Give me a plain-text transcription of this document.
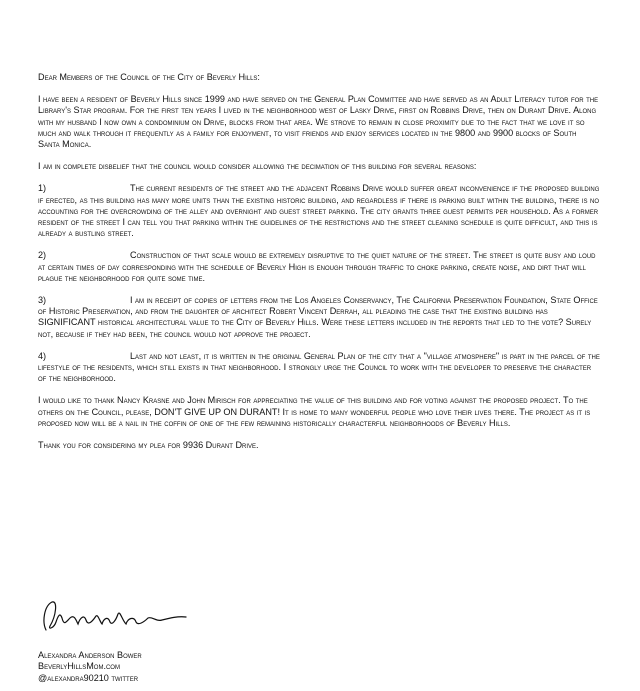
Dear Members of the Council of the City of Beverly Hills:

I have been a resident of Beverly Hills since 1999 and have served on the General Plan Committee and have served as an Adult Literacy tutor for the Library's Star program. For the first ten years I lived in the neighborhood west of Lasky Drive, first on Robbins Drive, then on Durant Drive. Along with my husband I now own a condominium on Drive, blocks from that area. We strove to remain in close proximity due to the fact that we love it so much and walk through it frequently as a family for enjoyment, to visit friends and enjoy services located in the 9800 and 9900 blocks of South Santa Monica.

I am in complete disbelief that the council would consider allowing the decimation of this building for several reasons:

1)	The current residents of the street and the adjacent Robbins Drive would suffer great inconvenience if the proposed building if erected, as this building has many more units than the existing historic building, and regardless if there is parking built within the building, there is no accounting for the overcrowding of the alley and overnight and guest street parking. The city grants three guest permits per household. As a former resident of the street I can tell you that parking within the guidelines of the restrictions and the street cleaning schedule is quite difficult, and this is already a bustling street.

2)	Construction of that scale would be extremely disruptive to the quiet nature of the street. The street is quite busy and loud at certain times of day corresponding with the schedule of Beverly High is enough through traffic to choke parking, create noise, and dirt that will plague the neighborhood for quite some time.

3)	I am in receipt of copies of letters from the Los Angeles Conservancy, The California Preservation Foundation, State Office of Historic Preservation, and from the daughter of architect Robert Vincent Derrah, all pleading the case that the existing building has SIGNIFICANT historical architectural value to the City of Beverly Hills. Were these letters included in the reports that led to the vote? Surely not, because if they had been, the council would not approve the project.

4)	Last and not least, it is written in the original General Plan of the city that a "village atmosphere" is part in the parcel of the lifestyle of the residents, which still exists in that neighborhood. I strongly urge the Council to work with the developer to preserve the character of the neighborhood.

I would like to thank Nancy Krasne and John Mirisch for appreciating the value of this building and for voting against the proposed project. To the others on the Council, please, DON'T GIVE UP ON DURANT! It is home to many wonderful people who love their lives there. The project as it is proposed now will be a nail in the coffin of one of the few remaining historically characterful neighborhoods of Beverly Hills.

Thank you for considering my plea for 9936 Durant Drive.

Alexandra Anderson Bower
BeverlyHillsMom.com
@alexandra90210 twitter
